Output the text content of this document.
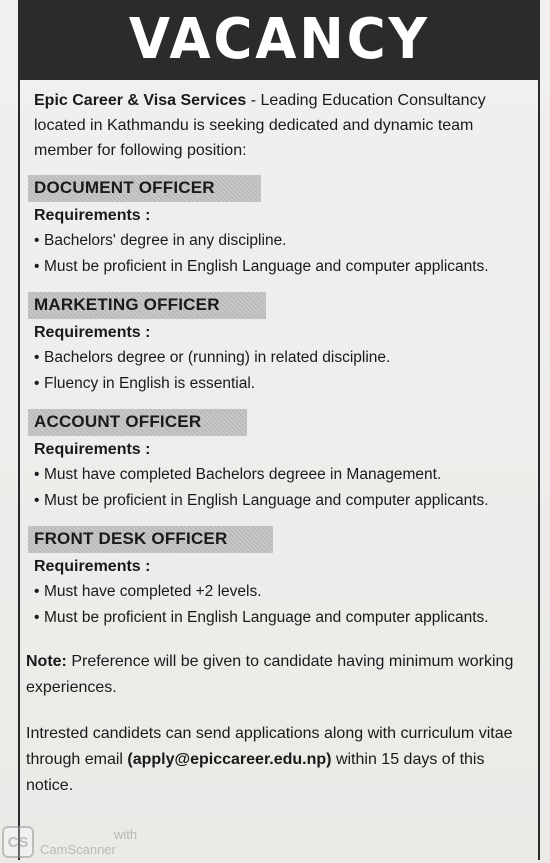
VACANCY

Epic Career & Visa Services - Leading Education Consultancy located in Kathmandu is seeking dedicated and dynamic team member for following position:

DOCUMENT OFFICER
Requirements :
• Bachelors' degree in any discipline.
• Must be proficient in English Language and computer applicants.
MARKETING OFFICER
Requirements :
• Bachelors degree or (running) in related discipline.
• Fluency in English is essential.
ACCOUNT OFFICER
Requirements :
• Must have completed Bachelors degreee in Management.
• Must be proficient in English Language and computer applicants.
FRONT DESK OFFICER
Requirements :
• Must have completed +2 levels.
• Must be proficient in English Language and computer applicants.

Note: Preference will be given to candidate having minimum working experiences.

Intrested candidets can send applications along with curriculum vitae through email (apply@epiccareer.edu.np) within 15 days of this notice.

CS	with
CamScanner
